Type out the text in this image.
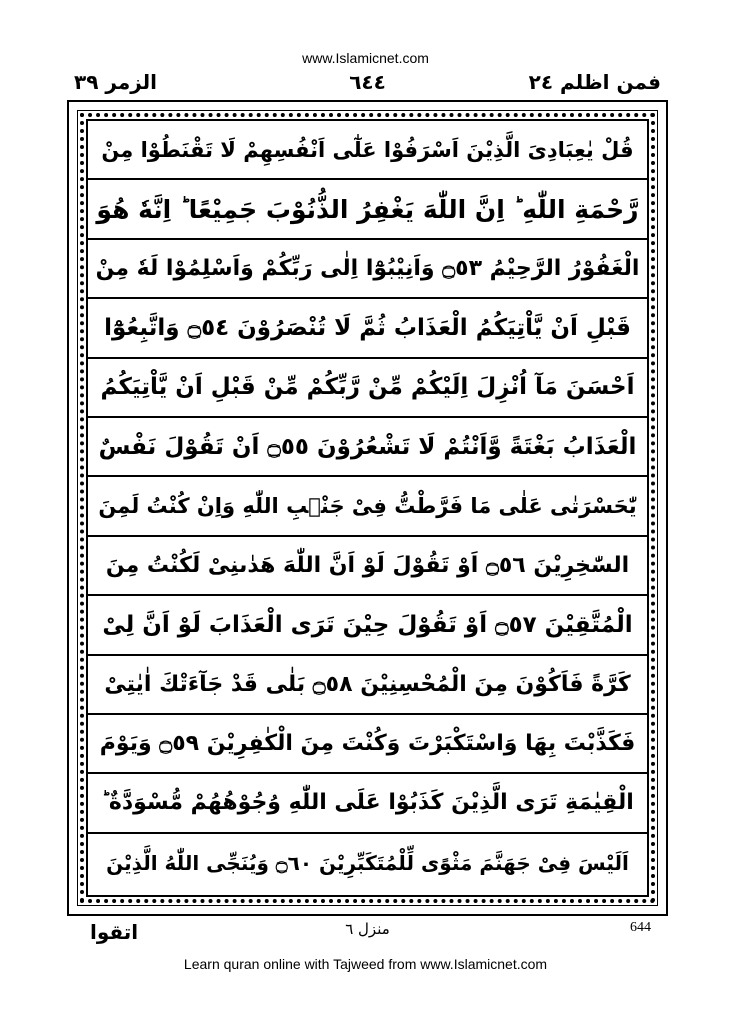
www.Islamicnet.com
الزمر ٣٩	٦٤٤	فمن اظلم ٢٤
قُلْ يٰعِبَادِىَ الَّذِيْنَ اَسْرَفُوْا عَلٰٓى اَنْفُسِهِمْ لَا تَقْنَطُوْا مِنْ
رَّحْمَةِ اللّٰهِ ؕ اِنَّ اللّٰهَ يَغْفِرُ الذُّنُوْبَ جَمِيْعًا ؕ اِنَّهٗ هُوَ
الْغَفُوْرُ الرَّحِيْمُ ۝٥٣ وَاَنِيْبُوْٓا اِلٰى رَبِّكُمْ وَاَسْلِمُوْا لَهٗ مِنْ
قَبْلِ اَنْ يَّاْتِيَكُمُ الْعَذَابُ ثُمَّ لَا تُنْصَرُوْنَ ۝٥٤ وَاتَّبِعُوْٓا
اَحْسَنَ مَآ اُنْزِلَ اِلَيْكُمْ مِّنْ رَّبِّكُمْ مِّنْ قَبْلِ اَنْ يَّاْتِيَكُمُ
الْعَذَابُ بَغْتَةً وَّاَنْتُمْ لَا تَشْعُرُوْنَ ۝٥٥ اَنْ تَقُوْلَ نَفْسٌ
يّٰحَسْرَتٰى عَلٰى مَا فَرَّطْتُّ فِىْ جَنْۢبِ اللّٰهِ وَاِنْ كُنْتُ لَمِنَ
السّٰخِرِيْنَ ۝٥٦ اَوْ تَقُوْلَ لَوْ اَنَّ اللّٰهَ هَدٰىنِىْ لَكُنْتُ مِنَ
الْمُتَّقِيْنَ ۝٥٧ اَوْ تَقُوْلَ حِيْنَ تَرَى الْعَذَابَ لَوْ اَنَّ لِىْ
كَرَّةً فَاَكُوْنَ مِنَ الْمُحْسِنِيْنَ ۝٥٨ بَلٰى قَدْ جَآءَتْكَ اٰيٰتِىْ
فَكَذَّبْتَ بِهَا وَاسْتَكْبَرْتَ وَكُنْتَ مِنَ الْكٰفِرِيْنَ ۝٥٩ وَيَوْمَ
الْقِيٰمَةِ تَرَى الَّذِيْنَ كَذَبُوْا عَلَى اللّٰهِ وُجُوْهُهُمْ مُّسْوَدَّةٌ ؕ
اَلَيْسَ فِىْ جَهَنَّمَ مَثْوًى لِّلْمُتَكَبِّرِيْنَ ۝٦٠ وَيُنَجِّى اللّٰهُ الَّذِيْنَ
اتقوا	منزل ٦	644
Learn quran online with Tajweed from www.Islamicnet.com
